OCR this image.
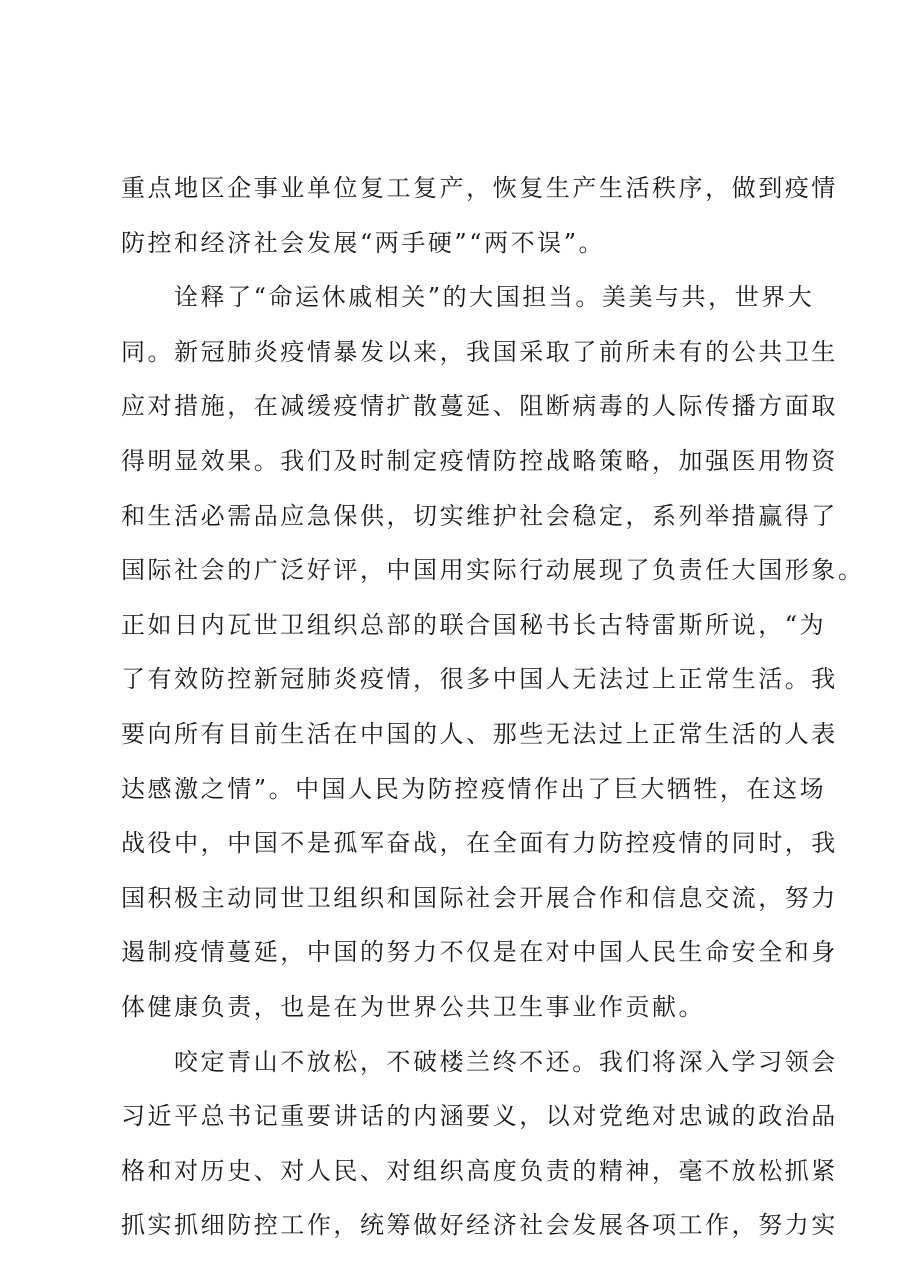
重点地区企事业单位复工复产，恢复生产生活秩序，做到疫情
防控和经济社会发展“两手硬”“两不误”。
诠释了“命运休戚相关”的大国担当。美美与共，世界大
同。新冠肺炎疫情暴发以来，我国采取了前所未有的公共卫生
应对措施，在减缓疫情扩散蔓延、阻断病毒的人际传播方面取
得明显效果。我们及时制定疫情防控战略策略，加强医用物资
和生活必需品应急保供，切实维护社会稳定，系列举措赢得了
国际社会的广泛好评，中国用实际行动展现了负责任大国形象。
正如日内瓦世卫组织总部的联合国秘书长古特雷斯所说，“为
了有效防控新冠肺炎疫情，很多中国人无法过上正常生活。我
要向所有目前生活在中国的人、那些无法过上正常生活的人表
达感激之情”。中国人民为防控疫情作出了巨大牺牲，在这场
战役中，中国不是孤军奋战，在全面有力防控疫情的同时，我
国积极主动同世卫组织和国际社会开展合作和信息交流，努力
遏制疫情蔓延，中国的努力不仅是在对中国人民生命安全和身
体健康负责，也是在为世界公共卫生事业作贡献。
咬定青山不放松，不破楼兰终不还。我们将深入学习领会
习近平总书记重要讲话的内涵要义，以对党绝对忠诚的政治品
格和对历史、对人民、对组织高度负责的精神，毫不放松抓紧
抓实抓细防控工作，统筹做好经济社会发展各项工作，努力实
